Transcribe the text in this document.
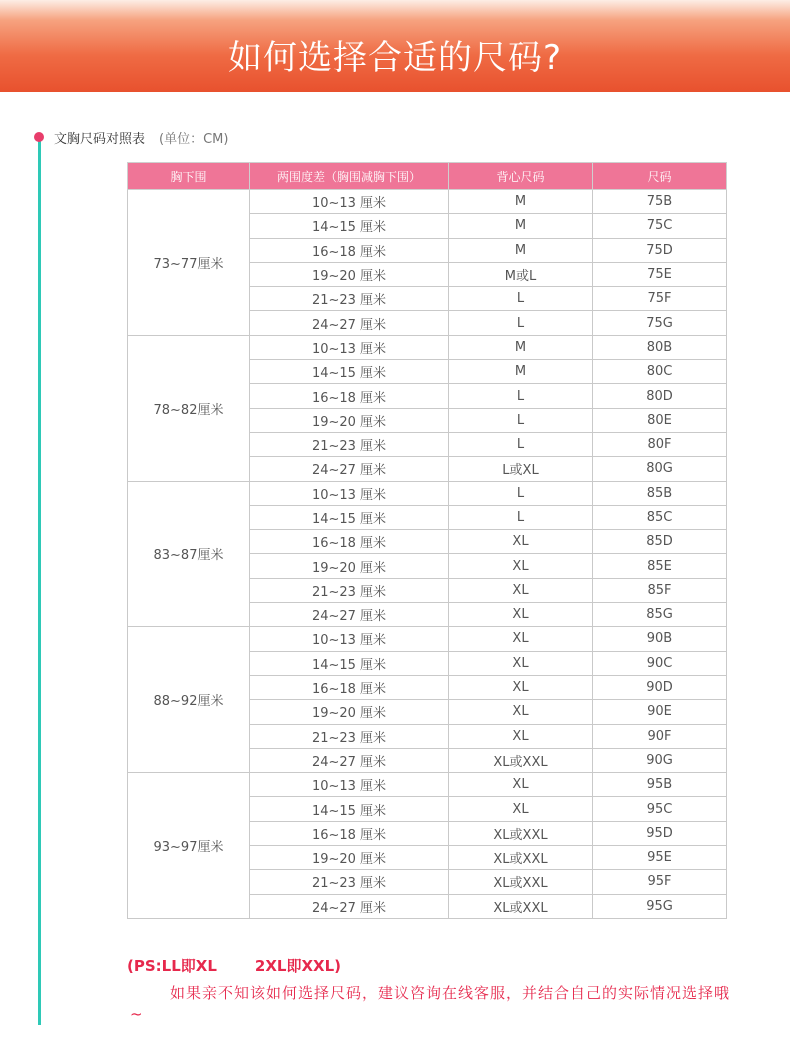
如何选择合适的尺码?
文胸尺码对照表 (单位：CM)
胸下围	两围度差（胸围减胸下围）	背心尺码	尺码
73~77厘米	10~13 厘米	M	75B
	14~15 厘米	M	75C
	16~18 厘米	M	75D
	19~20 厘米	M或L	75E
	21~23 厘米	L	75F
	24~27 厘米	L	75G
78~82厘米	10~13 厘米	M	80B
	14~15 厘米	M	80C
	16~18 厘米	L	80D
	19~20 厘米	L	80E
	21~23 厘米	L	80F
	24~27 厘米	L或XL	80G
83~87厘米	10~13 厘米	L	85B
	14~15 厘米	L	85C
	16~18 厘米	XL	85D
	19~20 厘米	XL	85E
	21~23 厘米	XL	85F
	24~27 厘米	XL	85G
88~92厘米	10~13 厘米	XL	90B
	14~15 厘米	XL	90C
	16~18 厘米	XL	90D
	19~20 厘米	XL	90E
	21~23 厘米	XL	90F
	24~27 厘米	XL或XXL	90G
93~97厘米	10~13 厘米	XL	95B
	14~15 厘米	XL	95C
	16~18 厘米	XL或XXL	95D
	19~20 厘米	XL或XXL	95E
	21~23 厘米	XL或XXL	95F
	24~27 厘米	XL或XXL	95G
(PS:LL即XL	2XL即XXL)
如果亲不知该如何选择尺码，建议咨询在线客服，并结合自己的实际情况选择哦~
